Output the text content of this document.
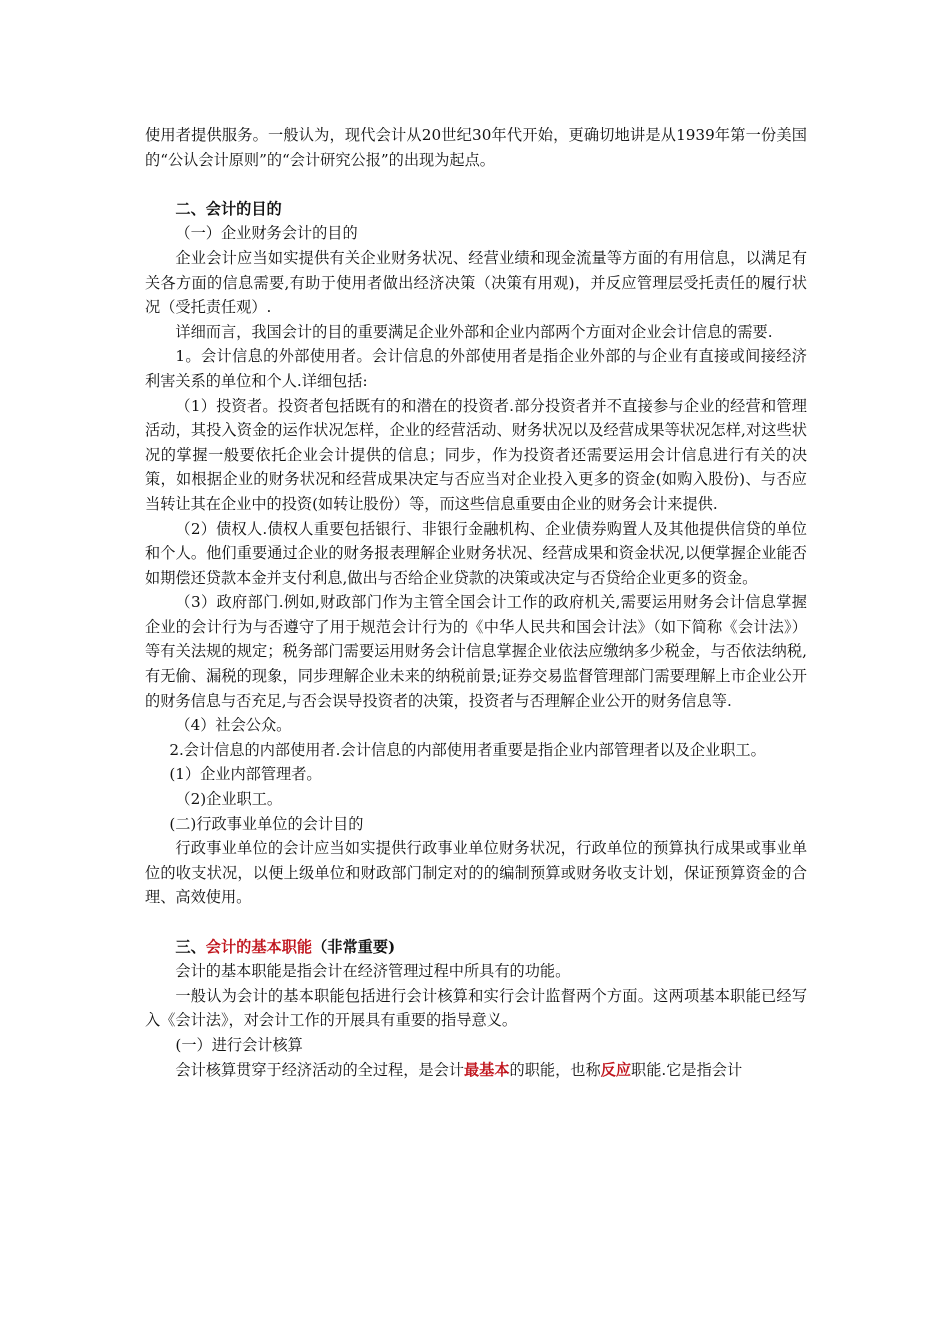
使用者提供服务。一般认为，现代会计从20世纪30年代开始，更确切地讲是从1939年第一份美国的“公认会计原则”的“会计研究公报”的出现为起点。

二、会计的目的

（一）企业财务会计的目的

企业会计应当如实提供有关企业财务状况、经营业绩和现金流量等方面的有用信息，以满足有关各方面的信息需要,有助于使用者做出经济决策（决策有用观)，并反应管理层受托责任的履行状况（受托责任观）.

详细而言，我国会计的目的重要满足企业外部和企业内部两个方面对企业会计信息的需要.

1。会计信息的外部使用者。会计信息的外部使用者是指企业外部的与企业有直接或间接经济利害关系的单位和个人.详细包括:

（1）投资者。投资者包括既有的和潜在的投资者.部分投资者并不直接参与企业的经营和管理活动，其投入资金的运作状况怎样，企业的经营活动、财务状况以及经营成果等状况怎样,对这些状况的掌握一般要依托企业会计提供的信息；同步，作为投资者还需要运用会计信息进行有关的决策，如根据企业的财务状况和经营成果决定与否应当对企业投入更多的资金(如购入股份)、与否应当转让其在企业中的投资(如转让股份）等，而这些信息重要由企业的财务会计来提供.

（2）债权人.债权人重要包括银行、非银行金融机构、企业债券购置人及其他提供信贷的单位和个人。他们重要通过企业的财务报表理解企业财务状况、经营成果和资金状况,以便掌握企业能否如期偿还贷款本金并支付利息,做出与否给企业贷款的决策或决定与否贷给企业更多的资金。

（3）政府部门.例如,财政部门作为主管全国会计工作的政府机关,需要运用财务会计信息掌握企业的会计行为与否遵守了用于规范会计行为的《中华人民共和国会计法》（如下简称《会计法》）等有关法规的规定；税务部门需要运用财务会计信息掌握企业依法应缴纳多少税金，与否依法纳税,有无偷、漏税的现象，同步理解企业未来的纳税前景;证券交易监督管理部门需要理解上市企业公开的财务信息与否充足,与否会误导投资者的决策，投资者与否理解企业公开的财务信息等.

（4）社会公众。

2.会计信息的内部使用者.会计信息的内部使用者重要是指企业内部管理者以及企业职工。

(1）企业内部管理者。

（2)企业职工。

(二)行政事业单位的会计目的

行政事业单位的会计应当如实提供行政事业单位财务状况，行政单位的预算执行成果或事业单位的收支状况，以便上级单位和财政部门制定对的的编制预算或财务收支计划，保证预算资金的合理、高效使用。

三、会计的基本职能（非常重要)

会计的基本职能是指会计在经济管理过程中所具有的功能。

一般认为会计的基本职能包括进行会计核算和实行会计监督两个方面。这两项基本职能已经写入《会计法》，对会计工作的开展具有重要的指导意义。

(一）进行会计核算

会计核算贯穿于经济活动的全过程，是会计最基本的职能，也称反应职能.它是指会计
